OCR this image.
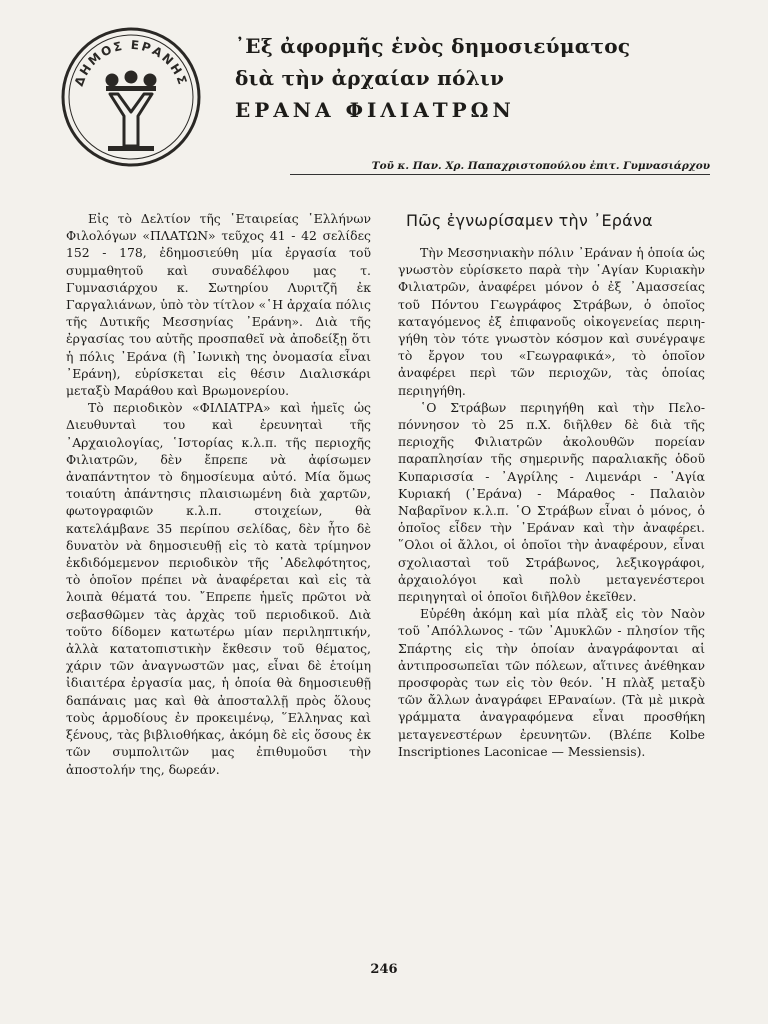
ΔΗΜΟΣ ΕΡΑΝΗΣ
᾿Εξ ἀφορμῆς ἑνὸς δημοσιεύματος
διὰ τὴν ἀρχαίαν πόλιν
ΕΡΑΝΑ ΦΙΛΙΑΤΡΩΝ
Τοῦ κ. Παν. Χρ. Παπαχριστοπούλου ἐπιτ. Γυμνασιάρχου

Εἰς τὸ Δελτίον τῆς ῾Εταιρείας ῾Ελλήνων Φιλολόγων «ΠΛΑΤΩΝ» τεῦχος 41 - 42 σελίδες 152 - 178, ἐδημοσιεύθη μία ἐργασία τοῦ συμμαθητοῦ καὶ συναδέλφου μας τ. Γυμνασιάρχου κ. Σωτηρίου Λυριτζῆ ἐκ Γαργαλιάνων, ὑπὸ τὸν τίτλον «῾Η ἀρχαία πόλις τῆς Δυτικῆς Μεσσηνίας ᾿Εράνη». Διὰ τῆς ἐργασίας του αὐτῆς προσπαθεῖ νὰ ἀποδείξῃ ὅτι ἡ πόλις ᾿Εράνα (ἢ ᾿Ιωνικὴ της ὀνομασία εἶναι ᾿Εράνη), εὑρίσκεται εἰς θέσιν Διαλισκάρι μεταξὺ Μαράθου καὶ Βρωμονερίου.

Τὸ περιοδικὸν «ΦΙΛΙΑΤΡΑ» καὶ ἡμεῖς ὡς Διευθυνταὶ του καὶ ἐρευνηταὶ τῆς ᾿Αρχαιολογίας, ῾Ιστορίας κ.λ.π. τῆς περιοχῆς Φιλιατρῶν, δὲν ἔπρεπε νὰ ἀφίσωμεν ἀναπάντητον τὸ δημοσίευμα αὐτό. Μία ὅμως τοιαύτη ἀπάντησις πλαισιωμένη διὰ χαρτῶν, φωτογραφιῶν κ.λ.π. στοιχείων, θὰ κατελάμβανε 35 περίπου σελίδας, δὲν ἦτο δὲ δυνατὸν νὰ δημοσιευθῇ εἰς τὸ κατὰ τρίμηνον ἐκδιδόμεμενον περιοδικὸν τῆς ᾿Αδελφότητος, τὸ ὁποῖον πρέπει νὰ ἀναφέρεται καὶ εἰς τὰ λοιπὰ θέματά του. ῎Επρεπε ἡμεῖς πρῶτοι νὰ σεβασθῶμεν τὰς ἀρχὰς τοῦ περιοδικοῦ. Διὰ τοῦτο δίδομεν κατωτέρω μίαν περιληπτικήν, ἀλλὰ κατατοπιστικὴν ἔκθεσιν τοῦ θέματος, χάριν τῶν ἀναγνωστῶν μας, εἶναι δὲ ἑτοίμη ἰδιαιτέρα ἐργασία μας, ἡ ὁποία θὰ δημοσιευθῇ δαπάναις μας καὶ θὰ ἀποσταλλῇ πρὸς ὅλους τοὺς ἁρμοδίους ἐν προκειμένῳ, ῞Ελληνας καὶ ξένους, τὰς βιβλιοθήκας, ἀκόμη δὲ εἰς ὅσους ἐκ τῶν συμπολιτῶν μας ἐπιθυμοῦσι τὴν ἀποστολήν της, δωρεάν.

Πῶς ἐγνωρίσαμεν τὴν ᾿Εράνα

Τὴν Μεσσηνιακὴν πόλιν ᾿Εράναν ἡ ὁποία ὡς γνωστὸν εὑρίσκετο παρὰ τὴν ῾Αγίαν Κυριακὴν Φιλιατρῶν, ἀναφέρει μόνον ὁ ἐξ ᾿Αμασσείας τοῦ Πόντου Γεωγράφος Στράβων, ὁ ὁποῖος καταγόμενος ἐξ ἐπιφανοῦς οἰκογενείας περιηγήθη τὸν τότε γνωστὸν κόσμον καὶ συνέγραψε τὸ ἔργον του «Γεωγραφικά», τὸ ὁποῖον ἀναφέρει περὶ τῶν περιοχῶν, τὰς ὁποίας περιηγήθη.

῾Ο Στράβων περιηγήθη καὶ τὴν Πελοπόννησον τὸ 25 π.Χ. διῆλθεν δὲ διὰ τῆς περιοχῆς Φιλιατρῶν ἀκολουθῶν πορείαν παραπλησίαν τῆς σημερινῆς παραλιακῆς ὁδοῦ Κυπαρισσία - ᾿Αγρίλης - Λιμενάρι - ῾Αγία Κυριακή (᾿Εράνα) - Μάραθος - Παλαιὸν Ναβαρῖνον κ.λ.π. ῾Ο Στράβων εἶναι ὁ μόνος, ὁ ὁποῖος εἶδεν τὴν ᾿Εράναν καὶ τὴν ἀναφέρει. ῞Ολοι οἱ ἄλλοι, οἱ ὁποῖοι τὴν ἀναφέρουν, εἶναι σχολιασταὶ τοῦ Στράβωνος, λεξικογράφοι, ἀρχαιολόγοι καὶ πολὺ μεταγενέστεροι περιηγηταὶ οἱ ὁποῖοι διῆλθον ἐκεῖθεν.

Εὑρέθη ἀκόμη καὶ μία πλὰξ εἰς τὸν Ναὸν τοῦ ᾿Απόλλωνος - τῶν ᾿Αμυκλῶν - πλησίον τῆς Σπάρτης εἰς τὴν ὁποίαν ἀναγράφονται αἱ ἀντιπροσωπεῖαι τῶν πόλεων, αἵτινες ἀνέθηκαν προσφορὰς των εἰς τὸν θεόν. ῾Η πλὰξ μεταξὺ τῶν ἄλλων ἀναγράφει ΕΡαναίων. (Τὰ μὲ μικρὰ γράμματα ἀναγραφόμενα εἶναι προσθήκη μεταγενεστέρων ἐρευνητῶν. (Βλέπε Kolbe Inscriptiones Laconicae — Messiensis).

246
